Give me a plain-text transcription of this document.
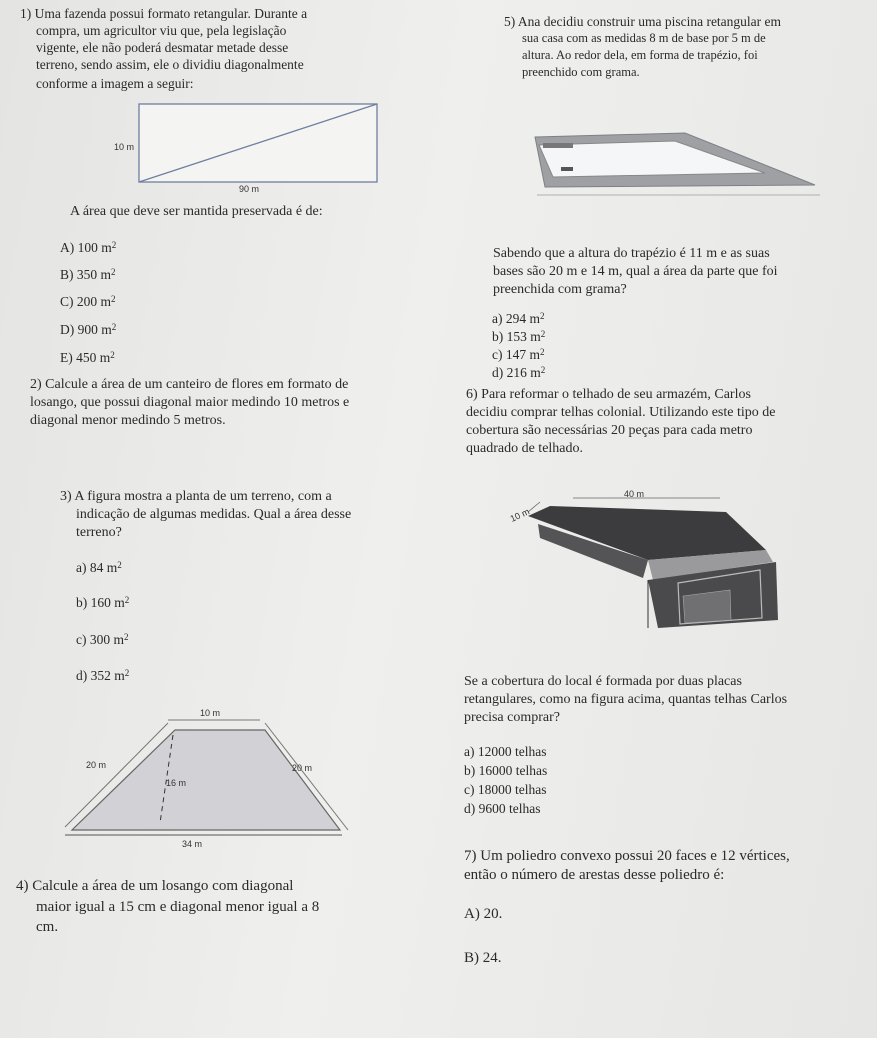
1) Uma fazenda possui formato retangular. Durante a
compra, um agricultor viu que, pela legislação
vigente, ele não poderá desmatar metade desse
terreno, sendo assim, ele o dividiu diagonalmente
conforme a imagem a seguir:
10 m
90 m
A área que deve ser mantida preservada é de:
A) 100 $m^2$
B) 350 $m^2$
C) 200 $m^2$
D) 900 $m^2$
E) 450 $m^2$
2) Calcule a área de um canteiro de flores em formato de
losango, que possui diagonal maior medindo 10 metros e
diagonal menor medindo 5 metros.
3) A figura mostra a planta de um terreno, com a
indicação de algumas medidas. Qual a área desse
terreno?
a) 84 $m^2$
b) 160 $m^2$
c) 300 $m^2$
d) 352 $m^2$
10 m
20 m	20 m
16 m
34 m
4) Calcule a área de um losango com diagonal
maior igual a 15 cm e diagonal menor igual a 8
cm.
5) Ana decidiu construir uma piscina retangular em
sua casa com as medidas 8 m de base por 5 m de
altura. Ao redor dela, em forma de trapézio, foi
preenchido com grama.
Sabendo que a altura do trapézio é 11 m e as suas
bases são 20 m e 14 m, qual a área da parte que foi
preenchida com grama?
a) 294 $m^2$
b) 153 $m^2$
c) 147 $m^2$
d) 216 $m^2$
6) Para reformar o telhado de seu armazém, Carlos
decidiu comprar telhas colonial. Utilizando este tipo de
cobertura são necessárias 20 peças para cada metro
quadrado de telhado.
40 m
10 m
Se a cobertura do local é formada por duas placas
retangulares, como na figura acima, quantas telhas Carlos
precisa comprar?
a) 12000 telhas
b) 16000 telhas
c) 18000 telhas
d) 9600 telhas
7) Um poliedro convexo possui 20 faces e 12 vértices,
então o número de arestas desse poliedro é:
A) 20.
B) 24.
